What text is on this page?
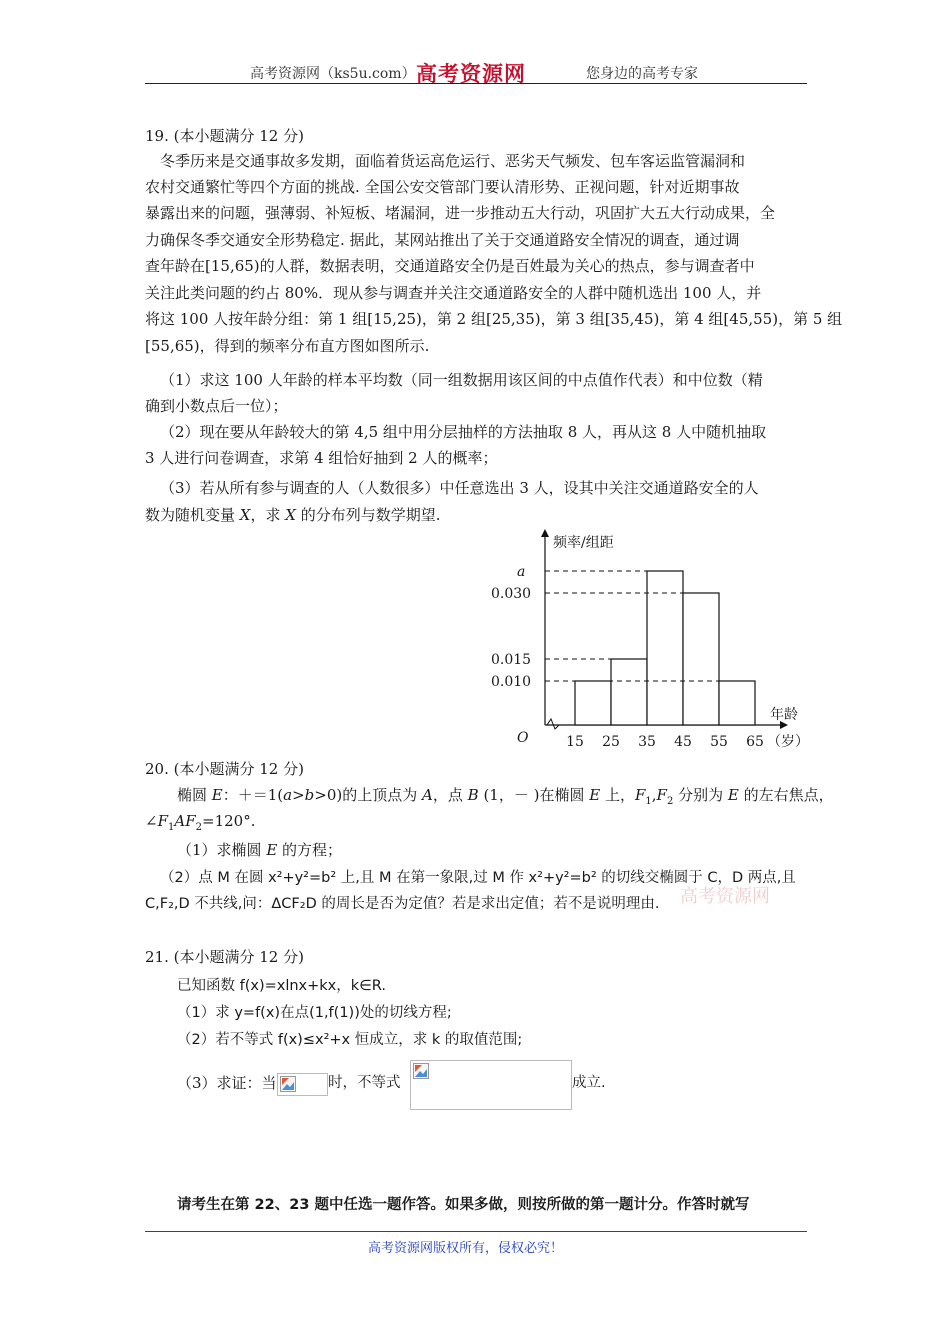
高考资源网（ks5u.com） 高考资源网	您身边的高考专家
19. (本小题满分 12 分)
冬季历来是交通事故多发期，面临着货运高危运行、恶劣天气频发、包车客运监管漏洞和
农村交通繁忙等四个方面的挑战. 全国公安交管部门要认清形势、正视问题，针对近期事故
暴露出来的问题，强薄弱、补短板、堵漏洞，进一步推动五大行动，巩固扩大五大行动成果，全
力确保冬季交通安全形势稳定. 据此，某网站推出了关于交通道路安全情况的调查，通过调
查年龄在[15,65)的人群，数据表明，交通道路安全仍是百姓最为关心的热点，参与调查者中
关注此类问题的约占 80%．现从参与调查并关注交通道路安全的人群中随机选出 100 人，并
将这 100 人按年龄分组：第 1 组[15,25)，第 2 组[25,35)，第 3 组[35,45)，第 4 组[45,55)，第 5 组
[55,65)，得到的频率分布直方图如图所示.
（1）求这 100 人年龄的样本平均数（同一组数据用该区间的中点值作代表）和中位数（精
确到小数点后一位）；
（2）现在要从年龄较大的第 4,5 组中用分层抽样的方法抽取 8 人，再从这 8 人中随机抽取
3 人进行问卷调查，求第 4 组恰好抽到 2 人的概率；
（3）若从所有参与调查的人（人数很多）中任意选出 3 人，设其中关注交通道路安全的人
数为随机变量 X，求 X 的分布列与数学期望.
频率/组距
年龄
O
a
0.030
0.015
0.010
15 25 35 45 55 65 （岁）
20. (本小题满分 12 分)
椭圆 E：＋＝1(a>b>0)的上顶点为 A，点 B (1，－ )在椭圆 E 上，$F_1,F_2$ 分别为 E 的左右焦点，
$\angle F_1AF_2=120^\circ$.
（1）求椭圆 E 的方程；
（2）点 M 在圆 x²+y²=b² 上,且 M 在第一象限,过 M 作 x²+y²=b² 的切线交椭圆于 C，D 两点,且
C,F₂,D 不共线,问：ΔCF₂D 的周长是否为定值？若是求出定值；若不是说明理由. 高考资源网
21. (本小题满分 12 分)
已知函数 f(x)=xlnx+kx，k∈R.
（1）求 y=f(x)在点(1,f(1))处的切线方程;
（2）若不等式 f(x)≤x²+x 恒成立，求 k 的取值范围;
（3）求证：当	时，不等式	成立.
请考生在第 22、23 题中任选一题作答。如果多做，则按所做的第一题计分。作答时就写
高考资源网版权所有，侵权必究！
